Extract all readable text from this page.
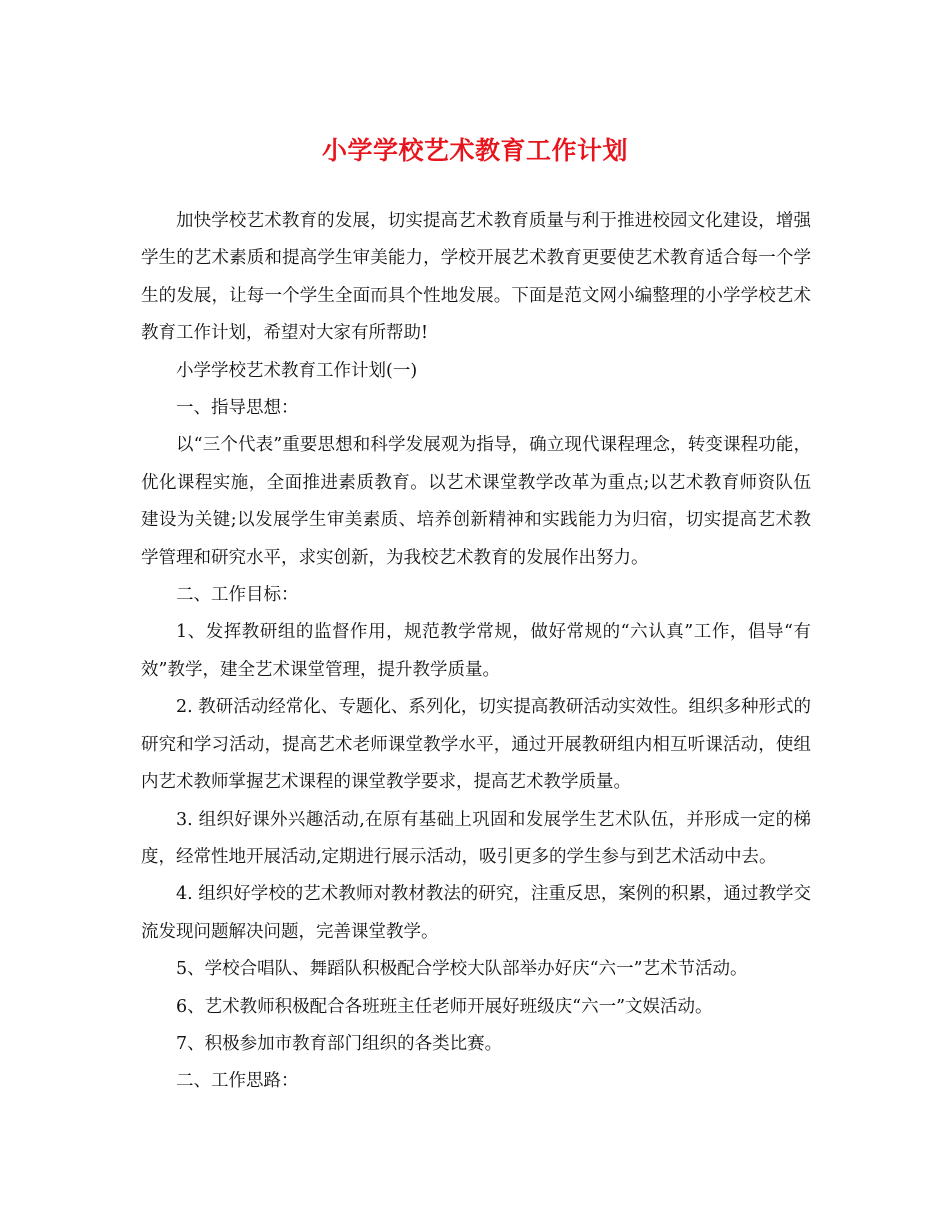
小学学校艺术教育工作计划

加快学校艺术教育的发展，切实提高艺术教育质量与利于推进校园文化建设，增强学生的艺术素质和提高学生审美能力，学校开展艺术教育更要使艺术教育适合每一个学生的发展，让每一个学生全面而具个性地发展。下面是范文网小编整理的小学学校艺术教育工作计划，希望对大家有所帮助!

小学学校艺术教育工作计划(一)

一、指导思想：

以“三个代表”重要思想和科学发展观为指导，确立现代课程理念，转变课程功能，优化课程实施，全面推进素质教育。以艺术课堂教学改革为重点;以艺术教育师资队伍建设为关键;以发展学生审美素质、培养创新精神和实践能力为归宿，切实提高艺术教学管理和研究水平，求实创新，为我校艺术教育的发展作出努力。

二、工作目标：

1、发挥教研组的监督作用，规范教学常规，做好常规的“六认真”工作，倡导“有效”教学，建全艺术课堂管理，提升教学质量。

2. 教研活动经常化、专题化、系列化，切实提高教研活动实效性。组织多种形式的研究和学习活动，提高艺术老师课堂教学水平，通过开展教研组内相互听课活动，使组内艺术教师掌握艺术课程的课堂教学要求，提高艺术教学质量。

3. 组织好课外兴趣活动,在原有基础上巩固和发展学生艺术队伍，并形成一定的梯度，经常性地开展活动,定期进行展示活动，吸引更多的学生参与到艺术活动中去。

4. 组织好学校的艺术教师对教材教法的研究，注重反思，案例的积累，通过教学交流发现问题解决问题，完善课堂教学。

5、学校合唱队、舞蹈队积极配合学校大队部举办好庆“六一”艺术节活动。

6、艺术教师积极配合各班班主任老师开展好班级庆“六一”文娱活动。

7、积极参加市教育部门组织的各类比赛。

二、工作思路：
